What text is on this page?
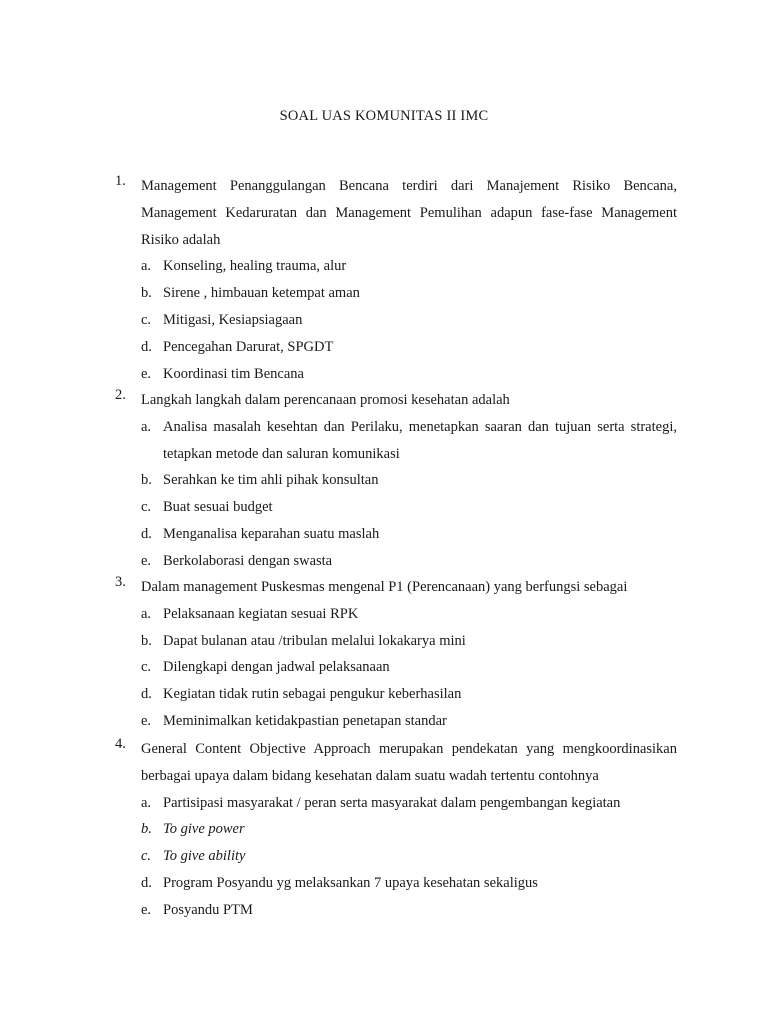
SOAL UAS KOMUNITAS II IMC
1.	Management Penanggulangan Bencana terdiri dari Manajement Risiko Bencana, Management Kedaruratan dan Management Pemulihan adapun fase-fase Management Risiko adalah
a. Konseling, healing trauma, alur
b. Sirene , himbauan ketempat aman
c. Mitigasi, Kesiapsiagaan
d. Pencegahan Darurat, SPGDT
e. Koordinasi tim Bencana
2.	Langkah langkah dalam perencanaan promosi kesehatan adalah
a. Analisa masalah kesehtan dan Perilaku, menetapkan saaran dan tujuan serta strategi, tetapkan metode dan saluran komunikasi
b. Serahkan ke tim ahli pihak konsultan
c. Buat sesuai budget
d. Menganalisa keparahan suatu maslah
e. Berkolaborasi dengan swasta
3.	Dalam management Puskesmas mengenal P1 (Perencanaan) yang berfungsi sebagai
a. Pelaksanaan kegiatan sesuai RPK
b. Dapat bulanan atau /tribulan melalui lokakarya mini
c. Dilengkapi dengan jadwal pelaksanaan
d. Kegiatan tidak rutin sebagai pengukur keberhasilan
e. Meminimalkan ketidakpastian penetapan standar
4.	General Content Objective Approach merupakan pendekatan yang mengkoordinasikan berbagai upaya dalam bidang kesehatan dalam suatu wadah tertentu contohnya
a. Partisipasi masyarakat / peran serta masyarakat dalam pengembangan kegiatan
b. To give power
c. To give ability
d. Program Posyandu yg melaksankan 7 upaya kesehatan sekaligus
e. Posyandu PTM
